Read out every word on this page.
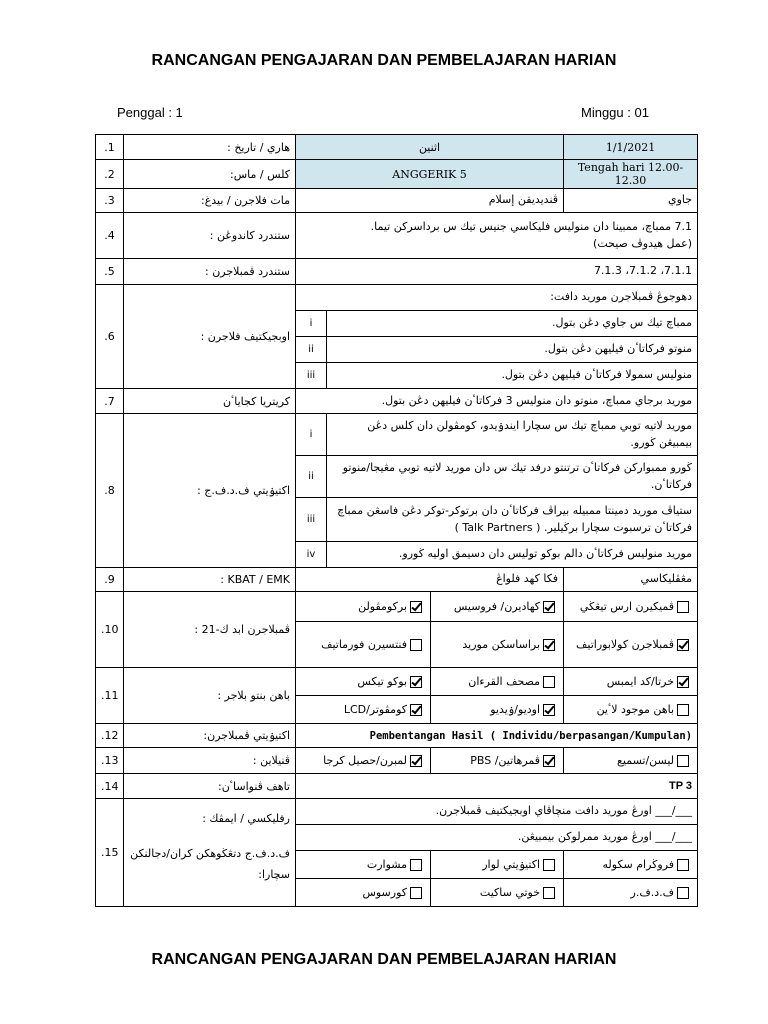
RANCANGAN PENGAJARAN DAN PEMBELAJARAN HARIAN
Penggal : 1	Minggu : 01
.1	هاري / تاريخ :	اثنين			1/1/2021
.2	كلس / ماس:	ANGGERIK 5			Tengah hari 12.00-12.30
.3	مات فلاجرن / بيدغ:	ڤنديديقن إسلام			جاوي
.4	ستندرد كاندوڠن :	7.1 ممباچ، ممبينا دان منوليس فليكاسي جنيس تيك س برداسركن تيما.
(عمل هيدوڤ صيحت)			

.5	ستندرد ڤمبلاجرن :	7.1.1، 7.1.2، 7.1.3			
.6	اوبجيكتيف فلاجرن :	دهوجوڠ ڤمبلاجرن موريد دافت:			
		i	ممباچ تيك س جاوي دڠن بتول.		
		ii	منوتو فركاتاٴن فيليهن دڠن بتول.		
		iii	منوليس سمولا فركاتاٴن فيليهن دڠن بتول.		
.7	كريتريا كجاياٴن	موريد برجاي ممباچ، منوتو دان منوليس 3 فركاتاٴن فيليهن دڠن بتول.			
.8	اكتيۏيتي ف.د.ف.ج :	i	موريد لاتيه توبي ممباچ تيك س سچارا ايندۏيدو، كومڤولن دان كلس دڠن بيمبيڠن ڬورو.		
		ii	ڬورو ممبواركن فركاتاٴن ترتنتو درفد تيك س دان موريد لاتيه توبي مڠيجا/منوتو فركاتاٴن.		
		iii	ستياڤ موريد دمينتا ممبيله بيراڤ فركاتاٴن دان برتوكر-توكر دڠن فاسڠن ممباچ فركاتاٴن ترسبوت سچارا برڬيلير. ( Talk Partners )		
		iv	موريد منوليس فركاتاٴن دالم بوكو توليس دان دسيمق اوليه ڬورو.		
.9	KBAT / EMK :	فكا كهد فلواڠ			مڠڤليكاسي
.10	ڤمبلاجرن ابد ك-21 :	بركومڤولن		كهاديرن/ فروسيس	ڤميكيرن ارس تيڠڬي
		فنتسيرن فورماتيف		براساسكن موريد	ڤمبلاجرن كولابوراتيف
.11	باهن بنتو بلاجر :	بوكو تيكس		مصحف القرءان	خرتا/كد ايمبس
		كومڤوتر/LCD		اوديو/ۏيديو	باهن موجود لاٴين
.12	اكتيۏيتي ڤمبلاجرن:	Pembentangan Hasil ( Individu/berpasangan/Kumpulan)			
.13	ڤنيلاين :	لمبرن/حصيل كرجا		ڤمرهاتين/ PBS	ليسن/تسميع
.14	تاهف ڤنواساٴن:	TP 3			
.15	رفليكسي / ايمڤك :
ف.د.ف.ج دتڠڬوهكن كران/دجالنكن سچارا:	___/___ اورڠ موريد دافت منچاڤاي اوبجيكتيف ڤمبلاجرن.			
		___/___ اورڠ موريد ممرلوكن بيمبيڠن.			
		مشوارت		اكتيۏيتي لوار	فروڬرام سكوله
		كورسوس		خوتي ساكيت	ف.د.ف.ر
RANCANGAN PENGAJARAN DAN PEMBELAJARAN HARIAN
